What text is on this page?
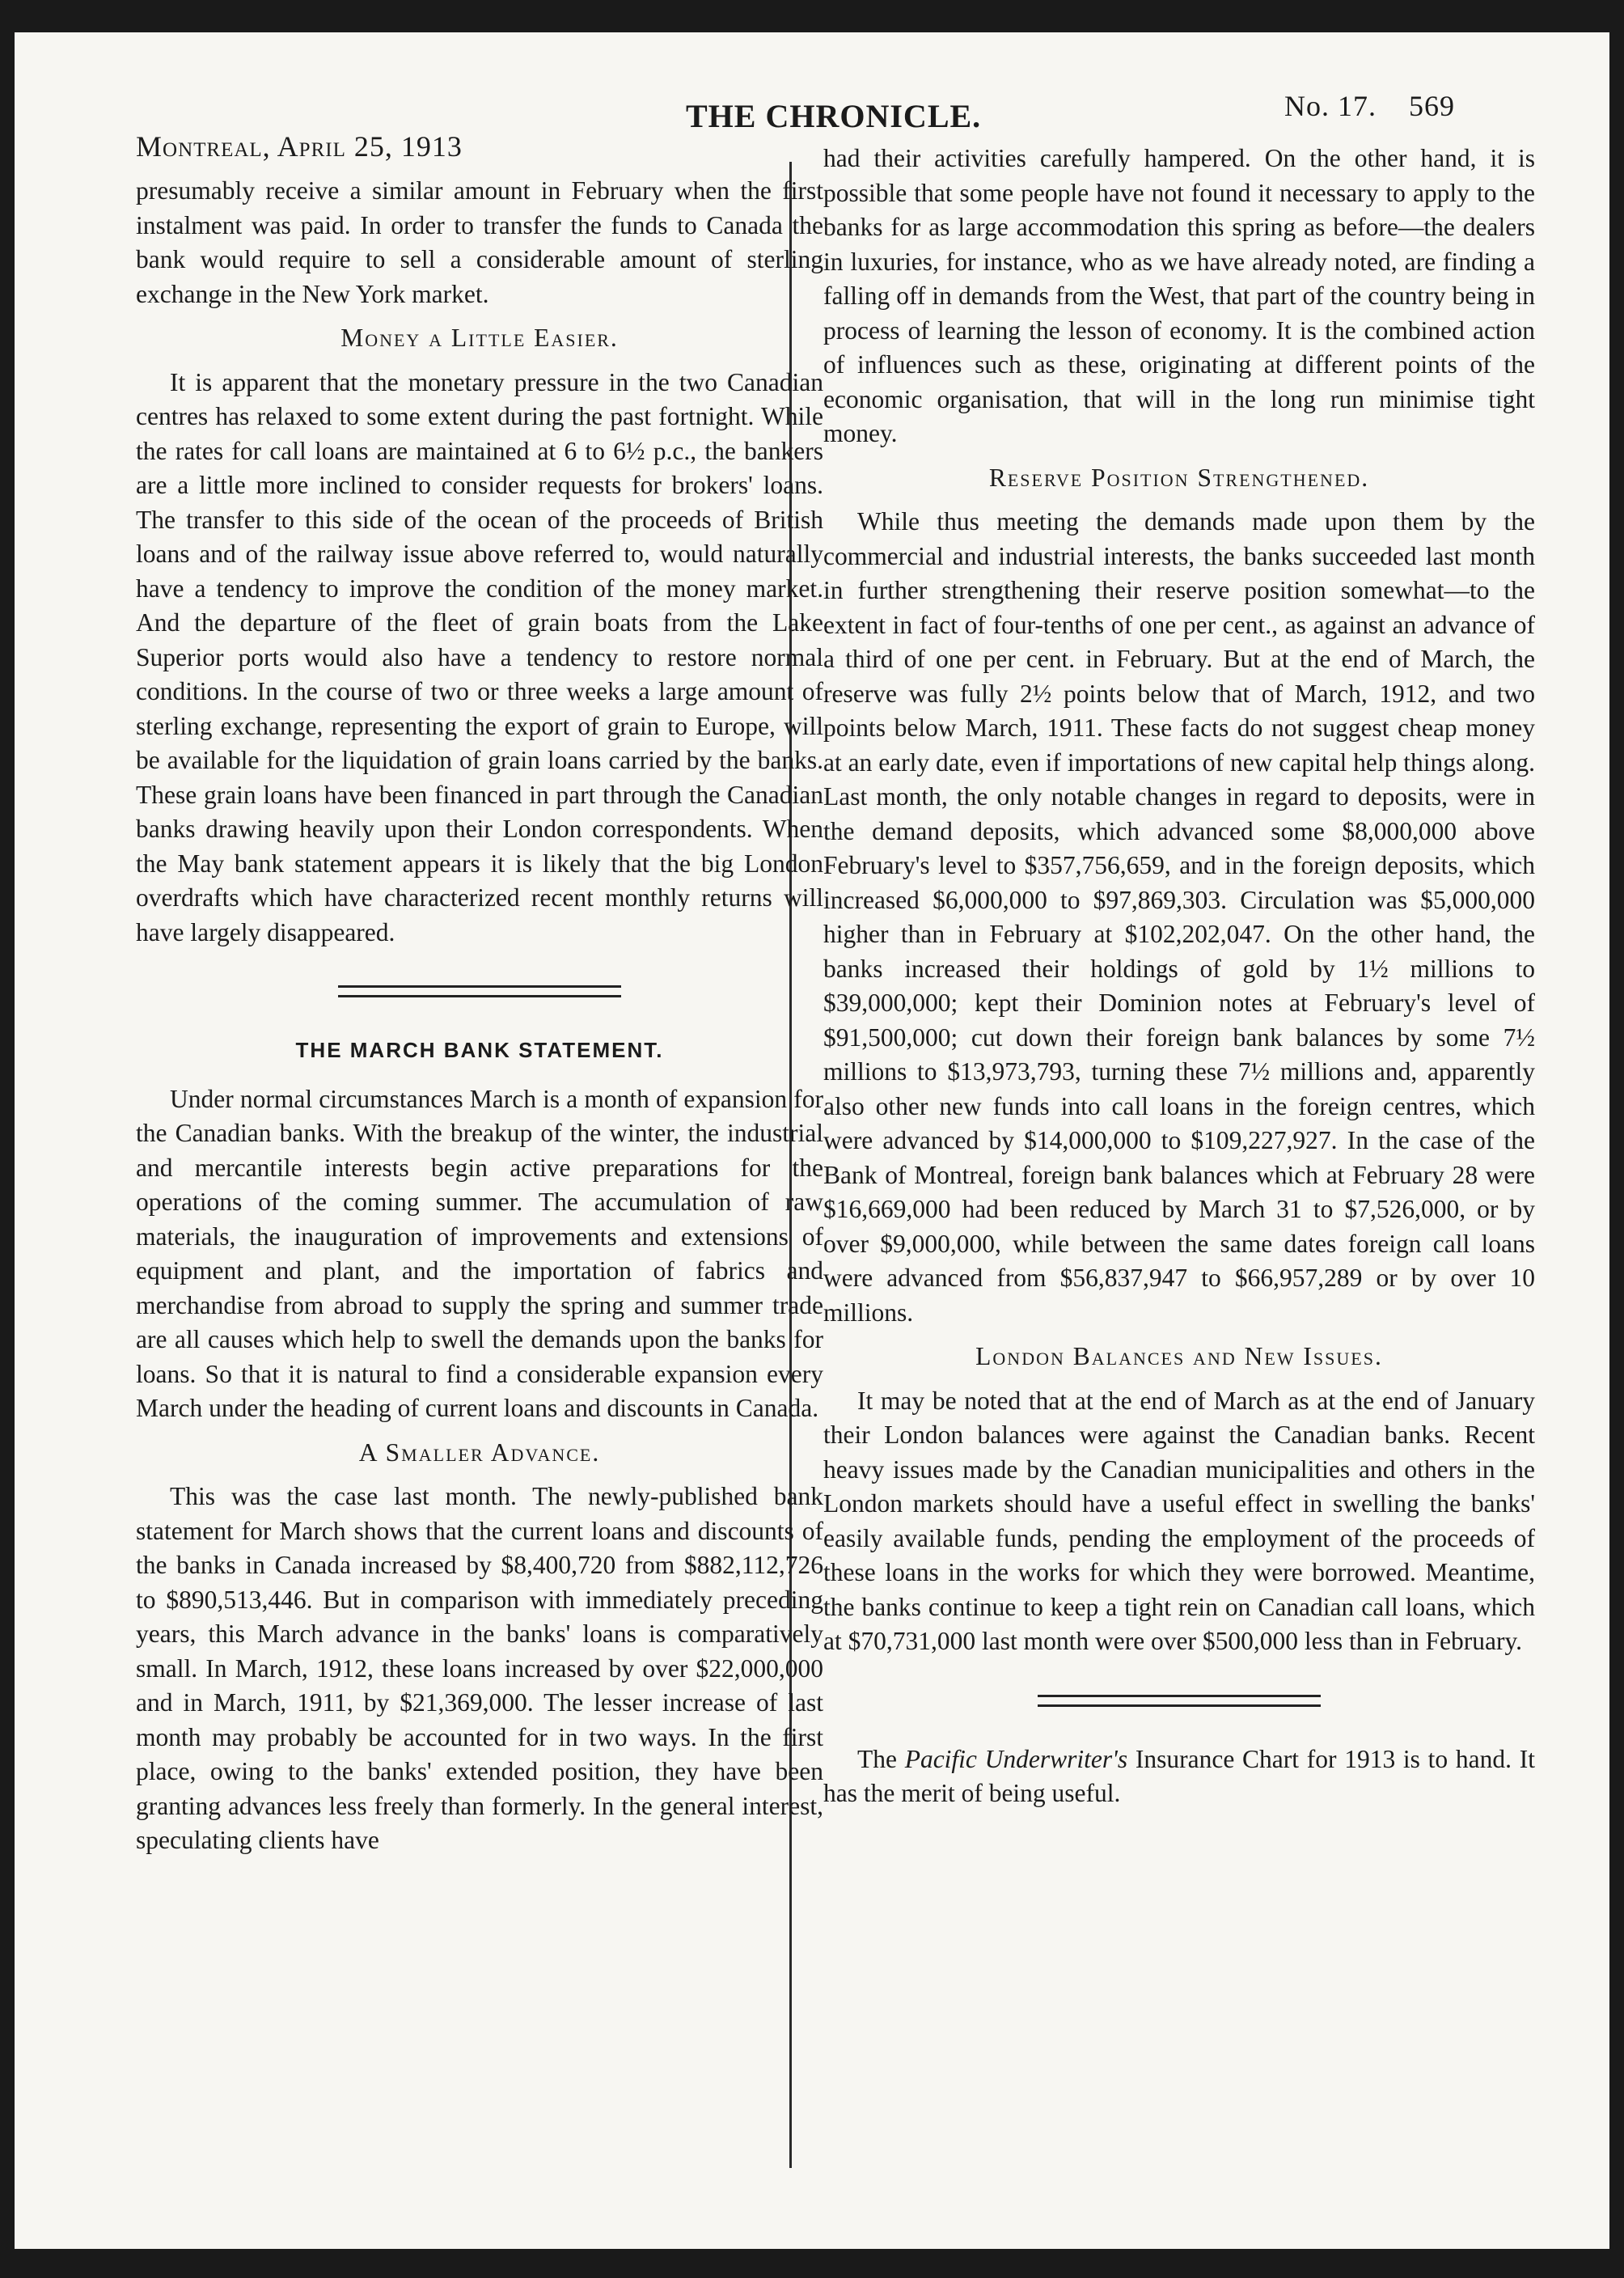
Montreal, April 25, 1913
THE CHRONICLE.	No. 17. 569

presumably receive a similar amount in February when the first instalment was paid. In order to transfer the funds to Canada the bank would require to sell a considerable amount of sterling exchange in the New York market.

Money a Little Easier.

It is apparent that the monetary pressure in the two Canadian centres has relaxed to some extent during the past fortnight. While the rates for call loans are maintained at 6 to 6½ p.c., the bankers are a little more inclined to consider requests for brokers' loans. The transfer to this side of the ocean of the proceeds of British loans and of the railway issue above referred to, would naturally have a tendency to improve the condition of the money market. And the departure of the fleet of grain boats from the Lake Superior ports would also have a tendency to restore normal conditions. In the course of two or three weeks a large amount of sterling exchange, representing the export of grain to Europe, will be available for the liquidation of grain loans carried by the banks. These grain loans have been financed in part through the Canadian banks drawing heavily upon their London correspondents. When the May bank statement appears it is likely that the big London overdrafts which have characterized recent monthly returns will have largely disappeared.

THE MARCH BANK STATEMENT.

Under normal circumstances March is a month of expansion for the Canadian banks. With the breakup of the winter, the industrial and mercantile interests begin active preparations for the operations of the coming summer. The accumulation of raw materials, the inauguration of improvements and extensions of equipment and plant, and the importation of fabrics and merchandise from abroad to supply the spring and summer trade are all causes which help to swell the demands upon the banks for loans. So that it is natural to find a considerable expansion every March under the heading of current loans and discounts in Canada.

A Smaller Advance.

This was the case last month. The newly-published bank statement for March shows that the current loans and discounts of the banks in Canada increased by $8,400,720 from $882,112,726 to $890,513,446. But in comparison with immediately preceding years, this March advance in the banks' loans is comparatively small. In March, 1912, these loans increased by over $22,000,000 and in March, 1911, by $21,369,000. The lesser increase of last month may probably be accounted for in two ways. In the first place, owing to the banks' extended position, they have been granting advances less freely than formerly. In the general interest, speculating clients have

had their activities carefully hampered. On the other hand, it is possible that some people have not found it necessary to apply to the banks for as large accommodation this spring as before—the dealers in luxuries, for instance, who as we have already noted, are finding a falling off in demands from the West, that part of the country being in process of learning the lesson of economy. It is the combined action of influences such as these, originating at different points of the economic organisation, that will in the long run minimise tight money.

Reserve Position Strengthened.

While thus meeting the demands made upon them by the commercial and industrial interests, the banks succeeded last month in further strengthening their reserve position somewhat—to the extent in fact of four-tenths of one per cent., as against an advance of a third of one per cent. in February. But at the end of March, the reserve was fully 2½ points below that of March, 1912, and two points below March, 1911. These facts do not suggest cheap money at an early date, even if importations of new capital help things along. Last month, the only notable changes in regard to deposits, were in the demand deposits, which advanced some $8,000,000 above February's level to $357,756,659, and in the foreign deposits, which increased $6,000,000 to $97,869,303. Circulation was $5,000,000 higher than in February at $102,202,047. On the other hand, the banks increased their holdings of gold by 1½ millions to $39,000,000; kept their Dominion notes at February's level of $91,500,000; cut down their foreign bank balances by some 7½ millions to $13,973,793, turning these 7½ millions and, apparently also other new funds into call loans in the foreign centres, which were advanced by $14,000,000 to $109,227,927. In the case of the Bank of Montreal, foreign bank balances which at February 28 were $16,669,000 had been reduced by March 31 to $7,526,000, or by over $9,000,000, while between the same dates foreign call loans were advanced from $56,837,947 to $66,957,289 or by over 10 millions.

London Balances and New Issues.

It may be noted that at the end of March as at the end of January their London balances were against the Canadian banks. Recent heavy issues made by the Canadian municipalities and others in the London markets should have a useful effect in swelling the banks' easily available funds, pending the employment of the proceeds of these loans in the works for which they were borrowed. Meantime, the banks continue to keep a tight rein on Canadian call loans, which at $70,731,000 last month were over $500,000 less than in February.

The Pacific Underwriter's Insurance Chart for 1913 is to hand. It has the merit of being useful.
